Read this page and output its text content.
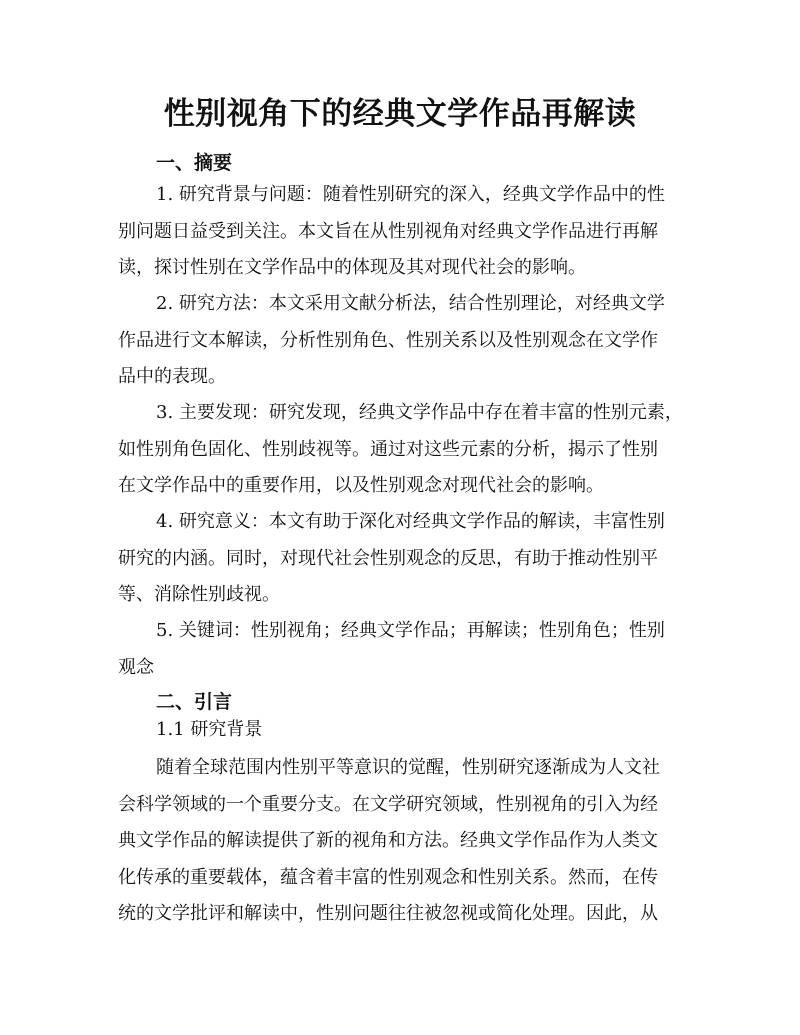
性别视角下的经典文学作品再解读
一、摘要
1. 研究背景与问题：随着性别研究的深入，经典文学作品中的性
别问题日益受到关注。本文旨在从性别视角对经典文学作品进行再解
读，探讨性别在文学作品中的体现及其对现代社会的影响。
2. 研究方法：本文采用文献分析法，结合性别理论，对经典文学
作品进行文本解读，分析性别角色、性别关系以及性别观念在文学作
品中的表现。
3. 主要发现：研究发现，经典文学作品中存在着丰富的性别元素，
如性别角色固化、性别歧视等。通过对这些元素的分析，揭示了性别
在文学作品中的重要作用，以及性别观念对现代社会的影响。
4. 研究意义：本文有助于深化对经典文学作品的解读，丰富性别
研究的内涵。同时，对现代社会性别观念的反思，有助于推动性别平
等、消除性别歧视。
5. 关键词：性别视角；经典文学作品；再解读；性别角色；性别
观念
二、引言
1.1 研究背景
随着全球范围内性别平等意识的觉醒，性别研究逐渐成为人文社
会科学领域的一个重要分支。在文学研究领域，性别视角的引入为经
典文学作品的解读提供了新的视角和方法。经典文学作品作为人类文
化传承的重要载体，蕴含着丰富的性别观念和性别关系。然而，在传
统的文学批评和解读中，性别问题往往被忽视或简化处理。因此，从
